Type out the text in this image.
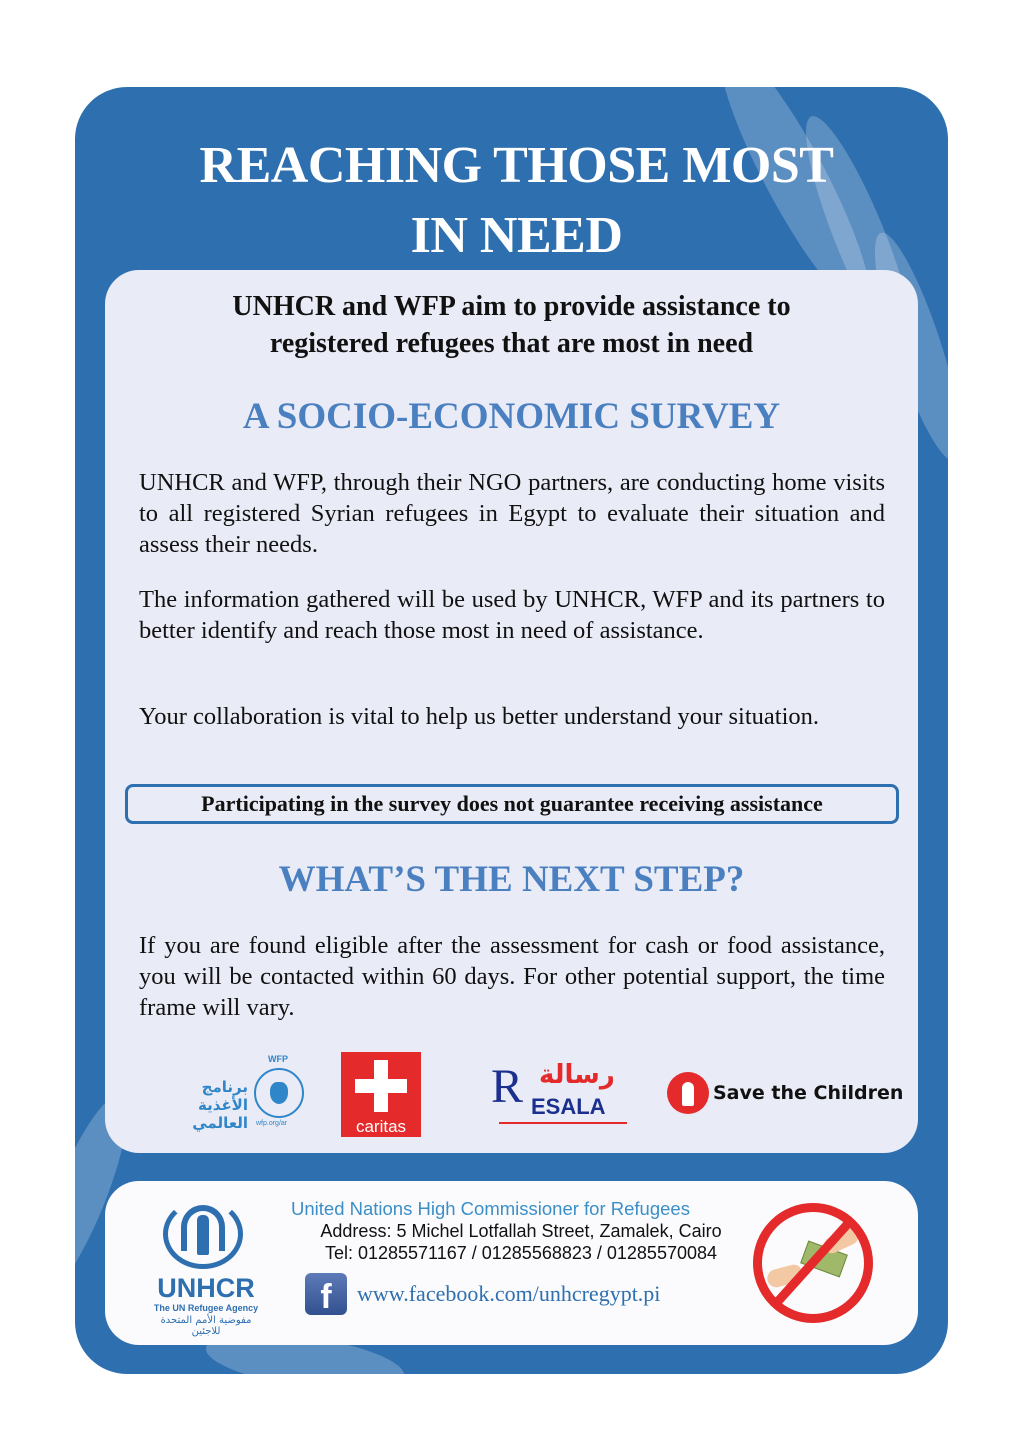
REACHING THOSE MOST
IN NEED
UNHCR and WFP aim to provide assistance to
registered refugees that are most in need
A SOCIO-ECONOMIC SURVEY

UNHCR and WFP, through their NGO partners, are conducting home visits to all registered Syrian refugees in Egypt to evaluate their situation and assess their needs.

The information gathered will be used by UNHCR, WFP and its partners to better identify and reach those most in need of assistance.

Your collaboration is vital to help us better understand your situation.

Participating in the survey does not guarantee receiving assistance
WHAT’S THE NEXT STEP?

If you are found eligible after the assessment for cash or food assistance, you will be contacted within 60 days. For other potential support, the time frame will vary.

برنامج الأغذية العالمي
WFP
wfp.org/ar	caritas
R رسالة
ESALA
Save the Children
UNHCR
The UN Refugee Agency
مفوضية الأمم المتحدة للاجئين
United Nations High Commissioner for Refugees
Address: 5 Michel Lotfallah Street, Zamalek, Cairo
Tel: 01285571167 / 01285568823 / 01285570084
f	www.facebook.com/unhcregypt.pi
